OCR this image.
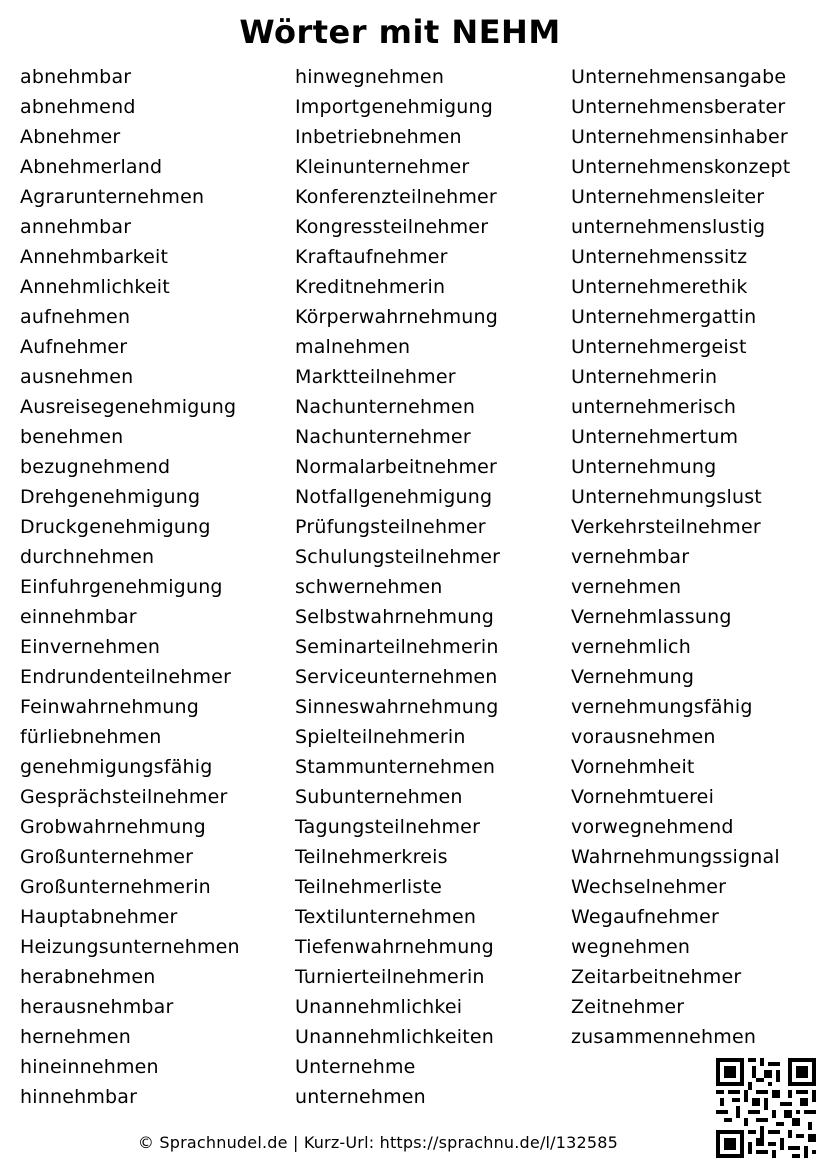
Wörter mit NEHM
abnehmbar
abnehmend
Abnehmer
Abnehmerland
Agrarunternehmen
annehmbar
Annehmbarkeit
Annehmlichkeit
aufnehmen
Aufnehmer
ausnehmen
Ausreisegenehmigung
benehmen
bezugnehmend
Drehgenehmigung
Druckgenehmigung
durchnehmen
Einfuhrgenehmigung
einnehmbar
Einvernehmen
Endrundenteilnehmer
Feinwahrnehmung
fürliebnehmen
genehmigungsfähig
Gesprächsteilnehmer
Grobwahrnehmung
Großunternehmer
Großunternehmerin
Hauptabnehmer
Heizungsunternehmen
herabnehmen
herausnehmbar
hernehmen
hineinnehmen
hinnehmbar
hinwegnehmen
Importgenehmigung
Inbetriebnehmen
Kleinunternehmer
Konferenzteilnehmer
Kongressteilnehmer
Kraftaufnehmer
Kreditnehmerin
Körperwahrnehmung
malnehmen
Marktteilnehmer
Nachunternehmen
Nachunternehmer
Normalarbeitnehmer
Notfallgenehmigung
Prüfungsteilnehmer
Schulungsteilnehmer
schwernehmen
Selbstwahrnehmung
Seminarteilnehmerin
Serviceunternehmen
Sinneswahrnehmung
Spielteilnehmerin
Stammunternehmen
Subunternehmen
Tagungsteilnehmer
Teilnehmerkreis
Teilnehmerliste
Textilunternehmen
Tiefenwahrnehmung
Turnierteilnehmerin
Unannehmlichkei
Unannehmlichkeiten
Unternehme
unternehmen
Unternehmensangabe
Unternehmensberater
Unternehmensinhaber
Unternehmenskonzept
Unternehmensleiter
unternehmenslustig
Unternehmenssitz
Unternehmerethik
Unternehmergattin
Unternehmergeist
Unternehmerin
unternehmerisch
Unternehmertum
Unternehmung
Unternehmungslust
Verkehrsteilnehmer
vernehmbar
vernehmen
Vernehmlassung
vernehmlich
Vernehmung
vernehmungsfähig
vorausnehmen
Vornehmheit
Vornehmtuerei
vorwegnehmend
Wahrnehmungssignal
Wechselnehmer
Wegaufnehmer
wegnehmen
Zeitarbeitnehmer
Zeitnehmer
zusammennehmen
© Sprachnudel.de | Kurz-Url: https://sprachnu.de/l/132585
